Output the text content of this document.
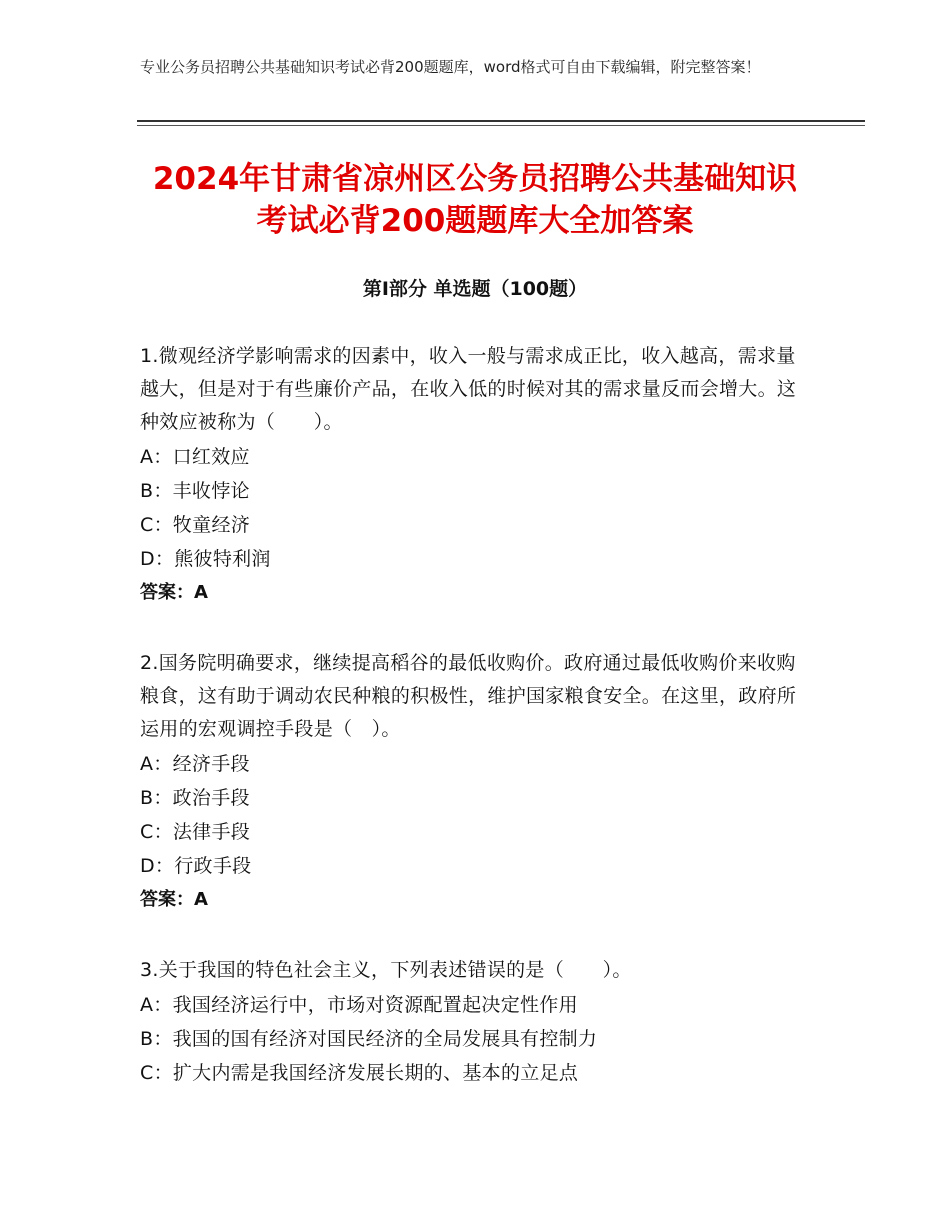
专业公务员招聘公共基础知识考试必背200题题库，word格式可自由下载编辑，附完整答案！
2024年甘肃省凉州区公务员招聘公共基础知识考试必背200题题库大全加答案
第Ⅰ部分 单选题（100题）

1.微观经济学影响需求的因素中，收入一般与需求成正比，收入越高，需求量越大，但是对于有些廉价产品，在收入低的时候对其的需求量反而会增大。这种效应被称为（　　）。

A：口红效应

B：丰收悖论

C：牧童经济

D：熊彼特利润

答案：A

2.国务院明确要求，继续提高稻谷的最低收购价。政府通过最低收购价来收购粮食，这有助于调动农民种粮的积极性，维护国家粮食安全。在这里，政府所运用的宏观调控手段是（　）。

A：经济手段

B：政治手段

C：法律手段

D：行政手段

答案：A

3.关于我国的特色社会主义，下列表述错误的是（　　）。

A：我国经济运行中，市场对资源配置起决定性作用

B：我国的国有经济对国民经济的全局发展具有控制力

C：扩大内需是我国经济发展长期的、基本的立足点
